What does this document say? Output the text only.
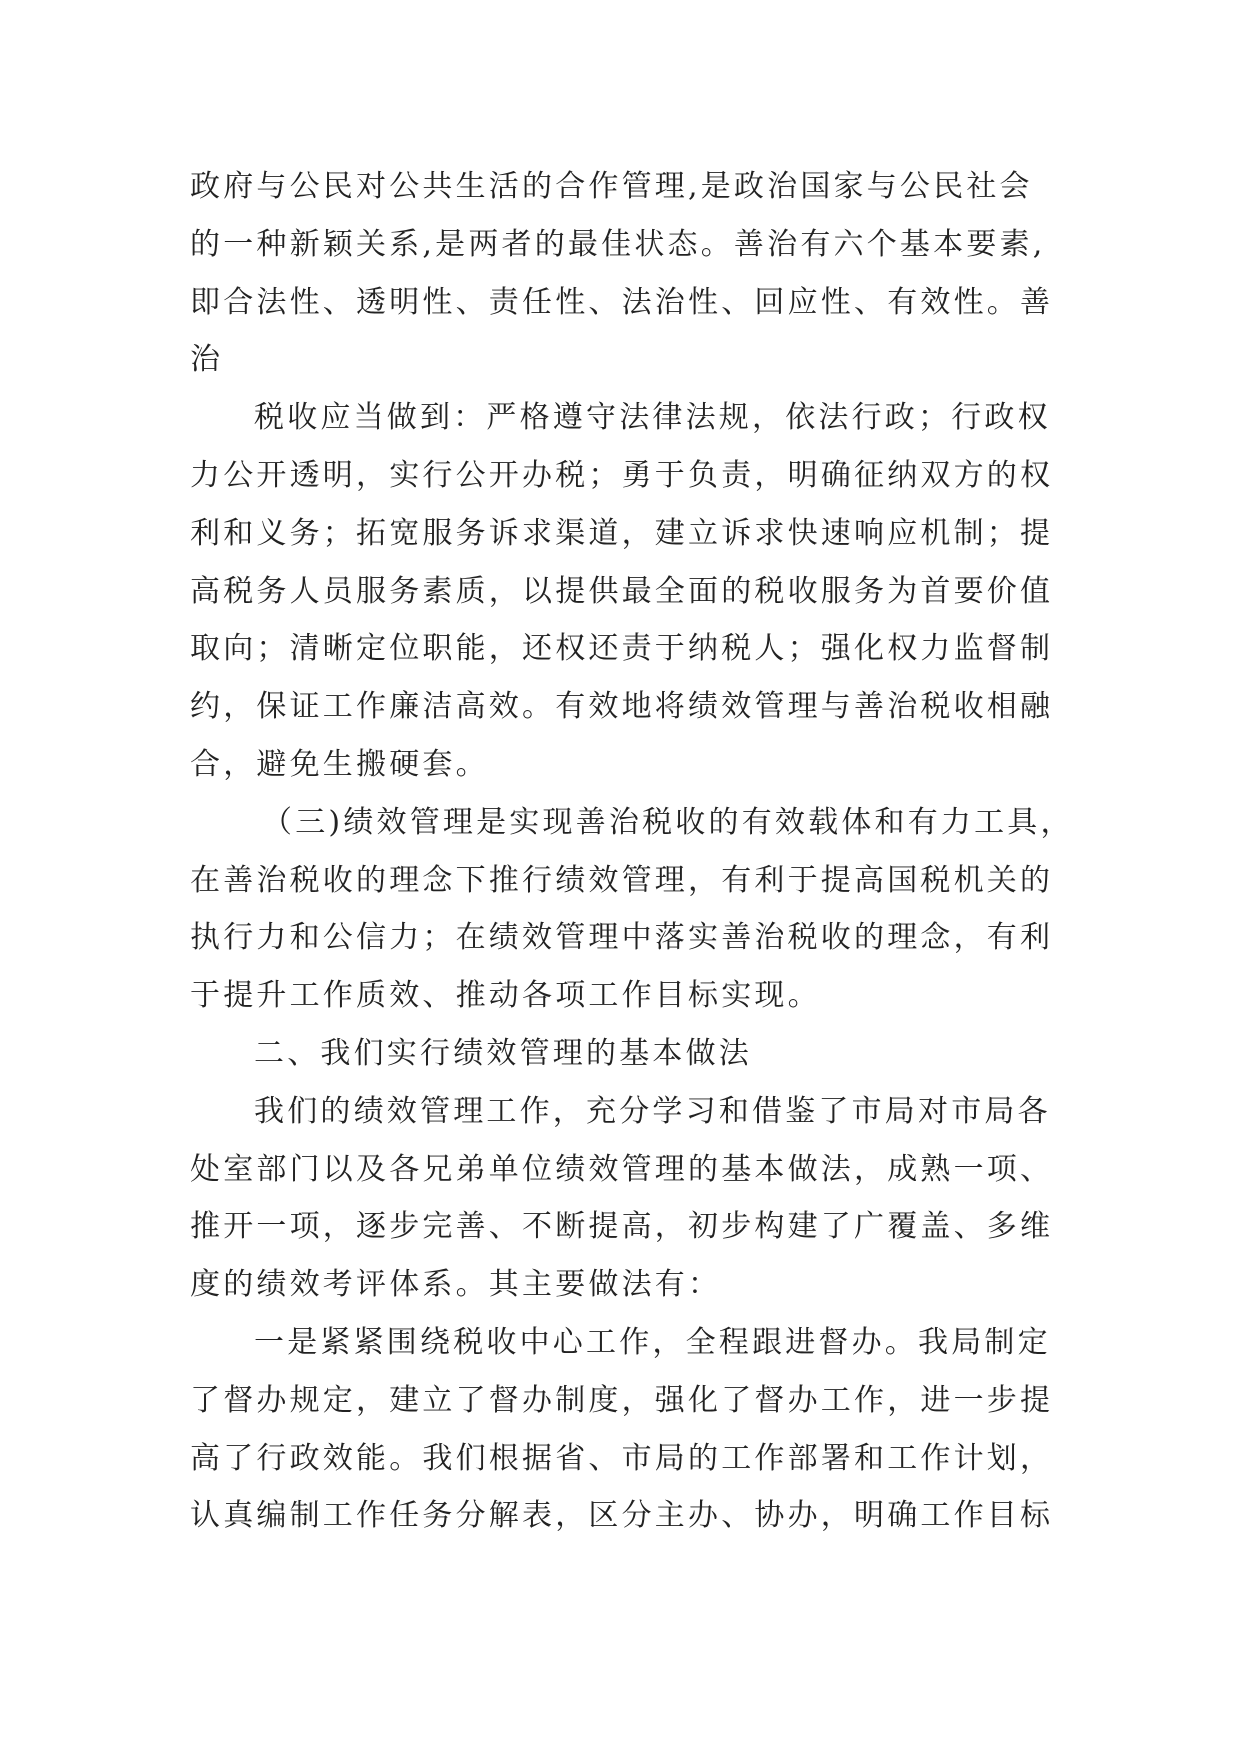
政府与公民对公共生活的合作管理,是政治国家与公民社会
的一种新颖关系,是两者的最佳状态。善治有六个基本要素,
即合法性、透明性、责任性、法治性、回应性、有效性。善
治
税收应当做到：严格遵守法律法规，依法行政；行政权
力公开透明，实行公开办税；勇于负责，明确征纳双方的权
利和义务；拓宽服务诉求渠道，建立诉求快速响应机制；提
高税务人员服务素质，以提供最全面的税收服务为首要价值
取向；清晰定位职能，还权还责于纳税人；强化权力监督制
约，保证工作廉洁高效。有效地将绩效管理与善治税收相融
合，避免生搬硬套。
（三)绩效管理是实现善治税收的有效载体和有力工具，
在善治税收的理念下推行绩效管理，有利于提高国税机关的
执行力和公信力；在绩效管理中落实善治税收的理念，有利
于提升工作质效、推动各项工作目标实现。
二、我们实行绩效管理的基本做法
我们的绩效管理工作，充分学习和借鉴了市局对市局各
处室部门以及各兄弟单位绩效管理的基本做法，成熟一项、
推开一项，逐步完善、不断提高，初步构建了广覆盖、多维
度的绩效考评体系。其主要做法有：
一是紧紧围绕税收中心工作，全程跟进督办。我局制定
了督办规定，建立了督办制度，强化了督办工作，进一步提
高了行政效能。我们根据省、市局的工作部署和工作计划，
认真编制工作任务分解表，区分主办、协办，明确工作目标
